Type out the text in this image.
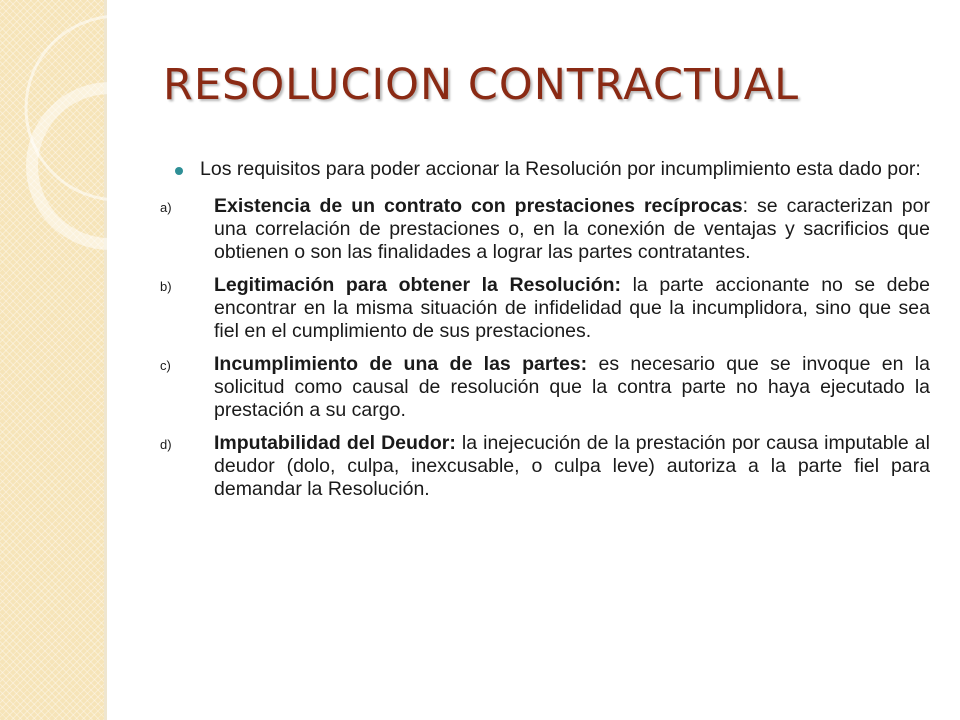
RESOLUCION CONTRACTUAL
Los requisitos para poder accionar la Resolución por incumplimiento esta dado por:
a) Existencia de un contrato con prestaciones recíprocas: se caracterizan por una correlación de prestaciones o, en la conexión de ventajas y sacrificios que obtienen o son las finalidades a lograr las partes contratantes.
b) Legitimación para obtener la Resolución: la parte accionante no se debe encontrar en la misma situación de infidelidad que la incumplidora, sino que sea fiel en el cumplimiento de sus prestaciones.
c) Incumplimiento de una de las partes: es necesario que se invoque en la solicitud como causal de resolución que la contra parte no haya ejecutado la prestación a su cargo.
d) Imputabilidad del Deudor: la inejecución de la prestación por causa imputable al deudor (dolo, culpa, inexcusable, o culpa leve) autoriza a la parte fiel para demandar la Resolución.
